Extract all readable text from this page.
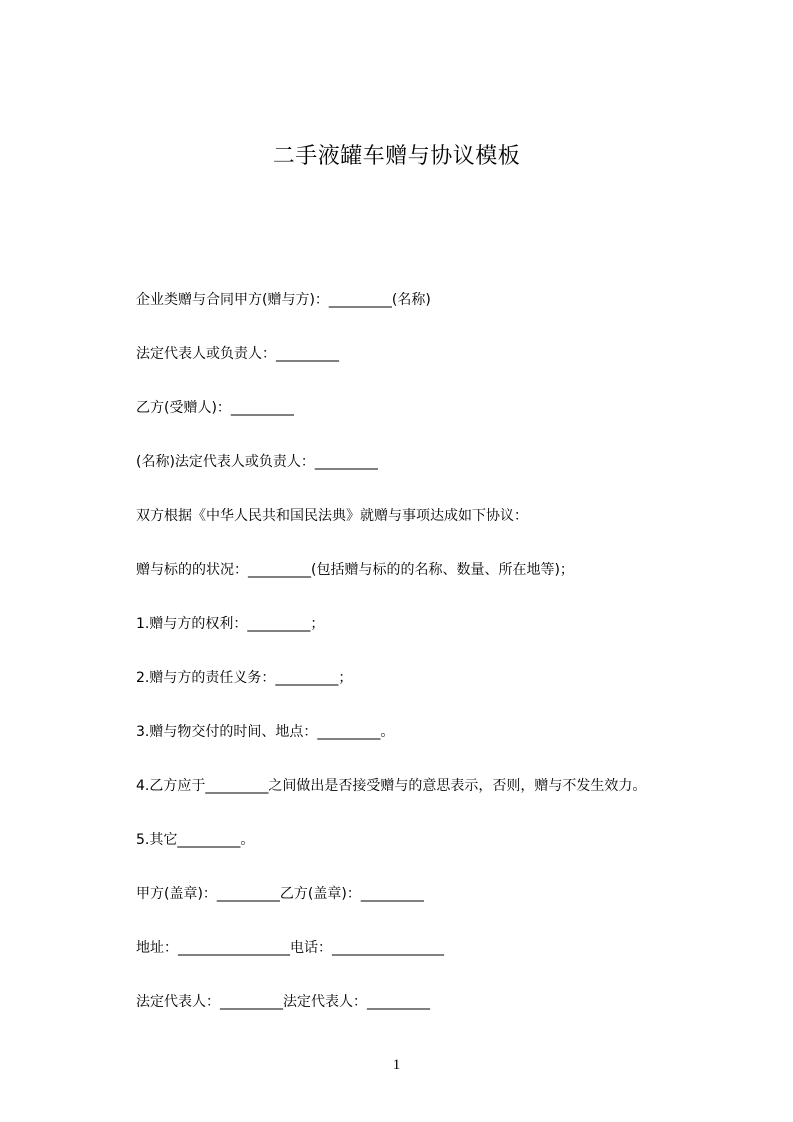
二手液罐车赠与协议模板
企业类赠与合同甲方(赠与方)：_________(名称)
法定代表人或负责人：_________
乙方(受赠人)：_________
(名称)法定代表人或负责人：_________
双方根据《中华人民共和国民法典》就赠与事项达成如下协议：
赠与标的的状况：_________(包括赠与标的的名称、数量、所在地等)；
1.赠与方的权利：_________；
2.赠与方的责任义务：_________；
3.赠与物交付的时间、地点：_________。
4.乙方应于_________之间做出是否接受赠与的意思表示，否则，赠与不发生效力。
5.其它_________。
甲方(盖章)：_________乙方(盖章)：_________
地址：________________电话：________________
法定代表人：_________法定代表人：_________
1
